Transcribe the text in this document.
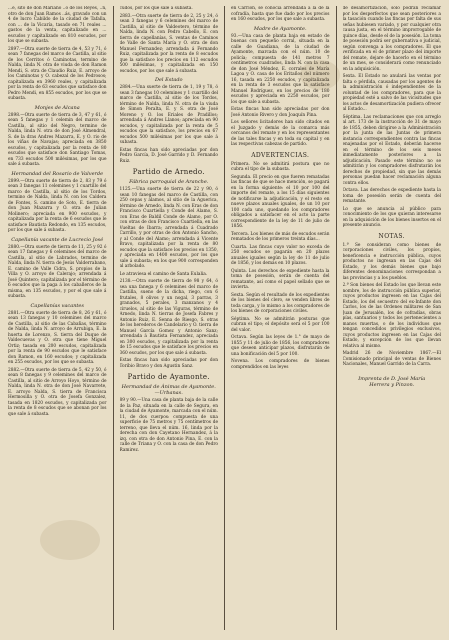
...é, sito de don Mariano ..o de los Reyes, ..n, otro de don Juan Ramos ..ás, gravado con un 4 de lucro Cabildo de la ciudad de Tafalla, con ... de la Vicaría, tasado en 71 reales ... gastos de la venta, capitalizado en ... escudos y capitalizado en 810 escudos, por los que se subasta.

2897.—Otra suerte de tierra de 4, 53 y 71, ó sean 7 fanegas del marco de Castilla, al sitio de los Cerritos ó Caminotas, termino de Nalda, linda N. otra de viuda de don Ramon Mendi, S. otra de Claudio Ruiz, E. arroyo de los Caminotas y O. cabezal de los Pedrosos; capitalizada en 3960 reales, y capitalizada por la renta de 63 escudos que satisface don Pedro Mendi, en 855 escudos, por los que se subasta.

Monjes de Alcana

2898.—Otra suerte de tierra de 3, 47 y 61, ó sean 5 fanegas y 1 celemin del marco de Castilla, al sitio del Negro, termino de Nalda, linda N. otra de don José Almendral, S. de la dras Andres Mazarra, E. y O. rio de los viñas de Navajas; apreciada en 3850 escudos, y capitalizada por la renta de 80 escudos que satisface don Santiago Tomas, en 733 escudos 500 milésimas, por los que sale á subasta.

Hermandad del Rosario de Valverde

2899.—Otra suerte de tierra de 2, 83 y 79 ó sean 3 fanegas 11 celemines y 1 cuartillo del marco de Castilla, al sitio de los Tordos, termino de Nalda, linda N. con los Caldera de Fontes, S. camino de Soto, E. tierra de don Juan Mazarra y O. otra de Julian Molinero; apreciada en 900 escudos, y capitalizada por la renta de 6 escudos que le satisface Bautista Redondo, en 135 escudos, por los que sale á subasta.

Capellanía vacante de Lucrecio José

2880.—Otra suerte de tierra de 11, 25 y 92 ó sean 17 fanegas y 6 celemines del marco de Castilla, al sitio de Labrados, termino de Nalda, linda N. tierra de Jesús Valderrabano, E. camino de Valle Cidra, S. propios de la Villa y O. arroyo de Calerajo; arrendada á José Quintero; capitalizada por el término de 6 escudos que la paga á los caballeros de la misma, en 135 escudos, y por el que sale á subasta.

Capellanías vacantes

2881.—Otra suerte de tierra de 8, 26 y 61, ó sean 13 fanegas y 10 celemines del marco de Castilla, al sitio de las Cabañas, término de Nalda, linda N. arroyo de Arrubiga, E. la huerta de Lorenzo, S. tierra del Duque de Valdecuevas y O. otra que tiene Miguel Ortiz; tasada en 200 escudos, capitalizada por la renta de 90 escudos que le satisface don Ramon, en 160 escudos; y capitalizada en 255 escudos, por los que se subasta.

2882.—Otra suerte de tierra de 5, 42 y 50, ó sean 8 fanegas y 9 celemines del marco de Castilla, al sitio de Arroyo Hoyo, término de Nalda, linda N. otra de don José Navarrete, E. arroyo Nalda, S. tierra de Francisca Hermosilla y O. otra de Josefa Gonzalez, tasada en 1820 escudos, y capitalizada por la renta de 8 escudos que se abonan por los que sale á subasta.

cudos, por los que sale á subasta.

2883.—Otra suerte de tierra de 2, 25 y 24, ó sean 3 fanegas y 6 celemines del marco de Castilla, al sitio de Valdeotero, término de Nalda, linda N. con Pedro Cabello, E. con tierra de capellanías, S. ventas de Caminos de Valle de Santa María y O. otra de don Manuel Fernandez; arrendada á Fernando Ruiz, capitalizada por la renta de 8 escudos que la satisface los precios en 112 escudos 500 milésimas, y capitalizada en 150 escudos, por los que sale á subasta.

Del Estado

2884.—Una suerte de tierra de 1, 19 y 78, ó sean 3 fanegas 10 celemines y 1 cuartillo del marco de Castilla, al sitio de los Tordos, término de Nalda, linda N. otra de la viuda de Simon Peralta, E. y S. otra de José Moreno y O. los Eriales de Pradillos; arrendada á Andres Llanos; apreciada en 90 escudos, y capitalizada por la renta de 5 escudos que la satisface, los precios en 67 escudos 500 milésimas por los que sale á subasta.

Estas fincas han sido apreciadas por don Pedro García, D. José Garrido y D. Fernando Ruiz.

Partido de Arnedo.
Fábrica parroquial de Aranche.

1125.—Una suerte de tierra de 22 y 90, ó sean 10 fanegas del marco de Castilla, con 250 cepas y álamos, al sitio de la Aguerica, término de Arnedo, linda N. con Eras de don Francisco Cuartiella y Conde del Alamo, S. con Eras de Baldil Conde de Alamo, por O. con otras de don Francisco Cuartiella, en las Vueltas de Ibarra; arrendada á Cuadrado Carrillo, y por otras de don Antonio Sancho, y al Conde del Alamo; arrendada á Vicente Bravo, capitalizada por la renta de 80 escudos que la satisface los precios en 1350, y apreciada en 1400 escudos, por los que sale á subasta; en los que 900 corresponden al arbolado.

Le atraviesa el camino de Santa Eulalia.

2138.—Otra suerte de tierra de 98 y 64, ó sea una fanega y 6 celemines del marco de Castilla, sueno de la dicha, riego, con 6 frutales, 8 olivos y un nogal, 3 parras, 3 granados, 5 perales, 3 manzanos y 4 ciruelos, al sitio de las Viguras, término de Arnedo, linda N. tierras de Josefa Fabres y Antonio Ruiz, E. Senna de Riesgo, S. otras de los herederos de Candelario y O. tierra de Manuel García Gomez y Antonio Sanz; arrendada á Bautista Fernandez, apreciada en 300 escudos, y capitalizada por la renta de 15 escudos que le satisface los precios en 360 escudos, por los que sale á subasta.

Estas fincas han sido apreciadas por don Toribio Bravo y don Agustin Sanz.

Partido de Ayamonte.
Hermandad de Ánimas de Ayamonte.—Urbanas.

89 y 90.—Una casa de planta baja de la calle de la Paz, situada en la calle de Segura, en la ciudad de Ayamonte, marcada con el núm. 11, de dos cuerpos: compuesta de una superficie de 75 metros y 75 centímetros de terreno, que lleva el núm. 16, linda por la derecha con don Cayetano Hernandez, á la izq. con otra de don Antonio Pina, E. con la calle de Triana y O. con la casa de don Pedro Ramirez.

en Carrión, se conocía arrendada á la de la cofradía, hasta que fue dado por los precios en 160 escudos, por los que sale a subasta.

Madre de Ayamonte.

93.—Una casa de planta baja en estado de buenas con pequeño corral, situada en la calle de Guadiana, de la ciudad de Ayamonte, marcada con el núm. 10 de policía; compuesta de 141 metros 7 centímetros cuadrados, linda N. con la casa de don José Méndez, E. corrales de María Lagoa y O. casa de los Eritaños del número 16, tasada en 2250 escudos, y capitalizada en la renta de 3 escudos que la satisface Manuel Rodríguez, en los precios de 180 escudos y apreciada en 2250 escudos, por los que sale a subasta.

Estas fincas han sido apreciadas por don José Antonio Rivero y don Joaquín Pina.

Los señores licitadores han sido citados en el Juzgado y demás de la comarca más cercanos del remate y en los representantes de las tales fincas y en toda su capital y en las respectivas cabezas de partido.

ADVERTENCIAS.

Primera. No se admitirá postura que no cubra el tipo de la subasta.

Segunda. El precio en que fueren rematadas las fincas de que se hace mención, se pagará en la forma siguiente: el 10 por 100 del importe del remate, a los 15 días siguientes de notificarse la adjudicación, y el resto en nueve plazos anuales iguales, de un 10 por 100 cada uno, quedando los compradores obligados a satisfacer en el acto la parte correspondiente de la ley de 11 de julio de 1856.

Tercera. Los bienes de más de escudos serán rematados de los primeros treinta días...

Cuarta. Las fincas cuyo valor no exceda de 250 escudos se pagarán en 20 plazos anuales iguales según la ley de 11 de julio de 1856, y los demás en 10 plazos.

Quinta. Los derechos de expediente hasta la toma de posesión, serán de cuenta del rematante, así como el papel sellado que se invierta.

Sexta. Según el resultado de los expedientes de los bienes del clero, se venden libres de toda carga, y lo mismo a los compradores de los bienes de corporaciones civiles.

Séptima. No se admitirán posturas que cubran el tipo; el depósito será el 5 por 100 del valor.

Octava. Según las leyes de 1.° de mayo de 1855 y 11 de julio de 1856, los compradores que deseen anticipar plazos, disfrutarán de una bonificación del 5 por 100.

Novena. Los compradores de bienes comprendidos en las leyes

de desamortización, solo podrán reclamar por los desperfectos que sean posteriores a la tasación cuando las fincas por falta de sus señas hubiesen variado, y por cualquier otra causa justa, en el término improrrogable de quince días, desde el de la posesión. La toma de posesión podrá ser gubernativa o judicial, según convenga a los compradores. El que verificada en el de primer plazo del importe del remate, dejare de hacerlo en el término de un mes, se considerará como renunciado en la adquisición.

Sexta. El Estado no anulará las ventas por falta o pérdida, causadas por los agentes de la administración ó independientes de la voluntad de los compradores, para que la propiedad esté a salvo de las vicisitudes que los actos de desamortización pudiera ofrecer al Estado...

Séptima. Las reclamaciones que con arreglo al art. 173 de la instrucción de 31 de mayo de 1855, deben dirigirse a la Administración por la junta de las Juntas de primera instancia correspondientes contra las fincas enajenadas por el Estado, deberán hacerse en el término de los seis meses inmediatamente posteriores a la adjudicación. Pasado este término no se admitirán y los compradores disfrutarán los derechos de propiedad, sin que las demás personas puedan hacer reclamación alguna contra ellos.

Octava. Las derechos de expediente hasta la toma de posesión serán de cuenta del rematante.

Lo que se anuncia al público para conocimiento de los que quieran interesarse en la adquisición de los bienes insertos en el presente anuncio.

NOTAS.

1.ª Se consideran como bienes de corporaciones civiles, los propios, beneficencia e instrucción pública, cuyos productos no ingresan en las Cajas del Estado, y los demás bienes que bajo diferentes denominaciones correspondan a las provincias y a los pueblos.

2.ª Son bienes del Estado los que llevan este nombre, los de instrucción pública superior, cuyos productos ingresen en las Cajas del Estado, los del secuestro del ex-Infante don Carlos, los de las Ordenes militares de San Juan de Jerusalén, los de cofradías, obras pías, santuarios y todos los pertenecientes a manos muertas, o de los individuos que tengan concedidos privilegios exclusivos, cuyos productos ingresen en las Cajas del Estado, y excepción de los que llevan relativa al mismo.

Madrid 26 de Noviembre 1867.—El Comisionado principal de ventas de Bienes Nacionales, Manuel Garrido de la Carra.

Imprenta de D. José María
Herrera y Pinzon.
